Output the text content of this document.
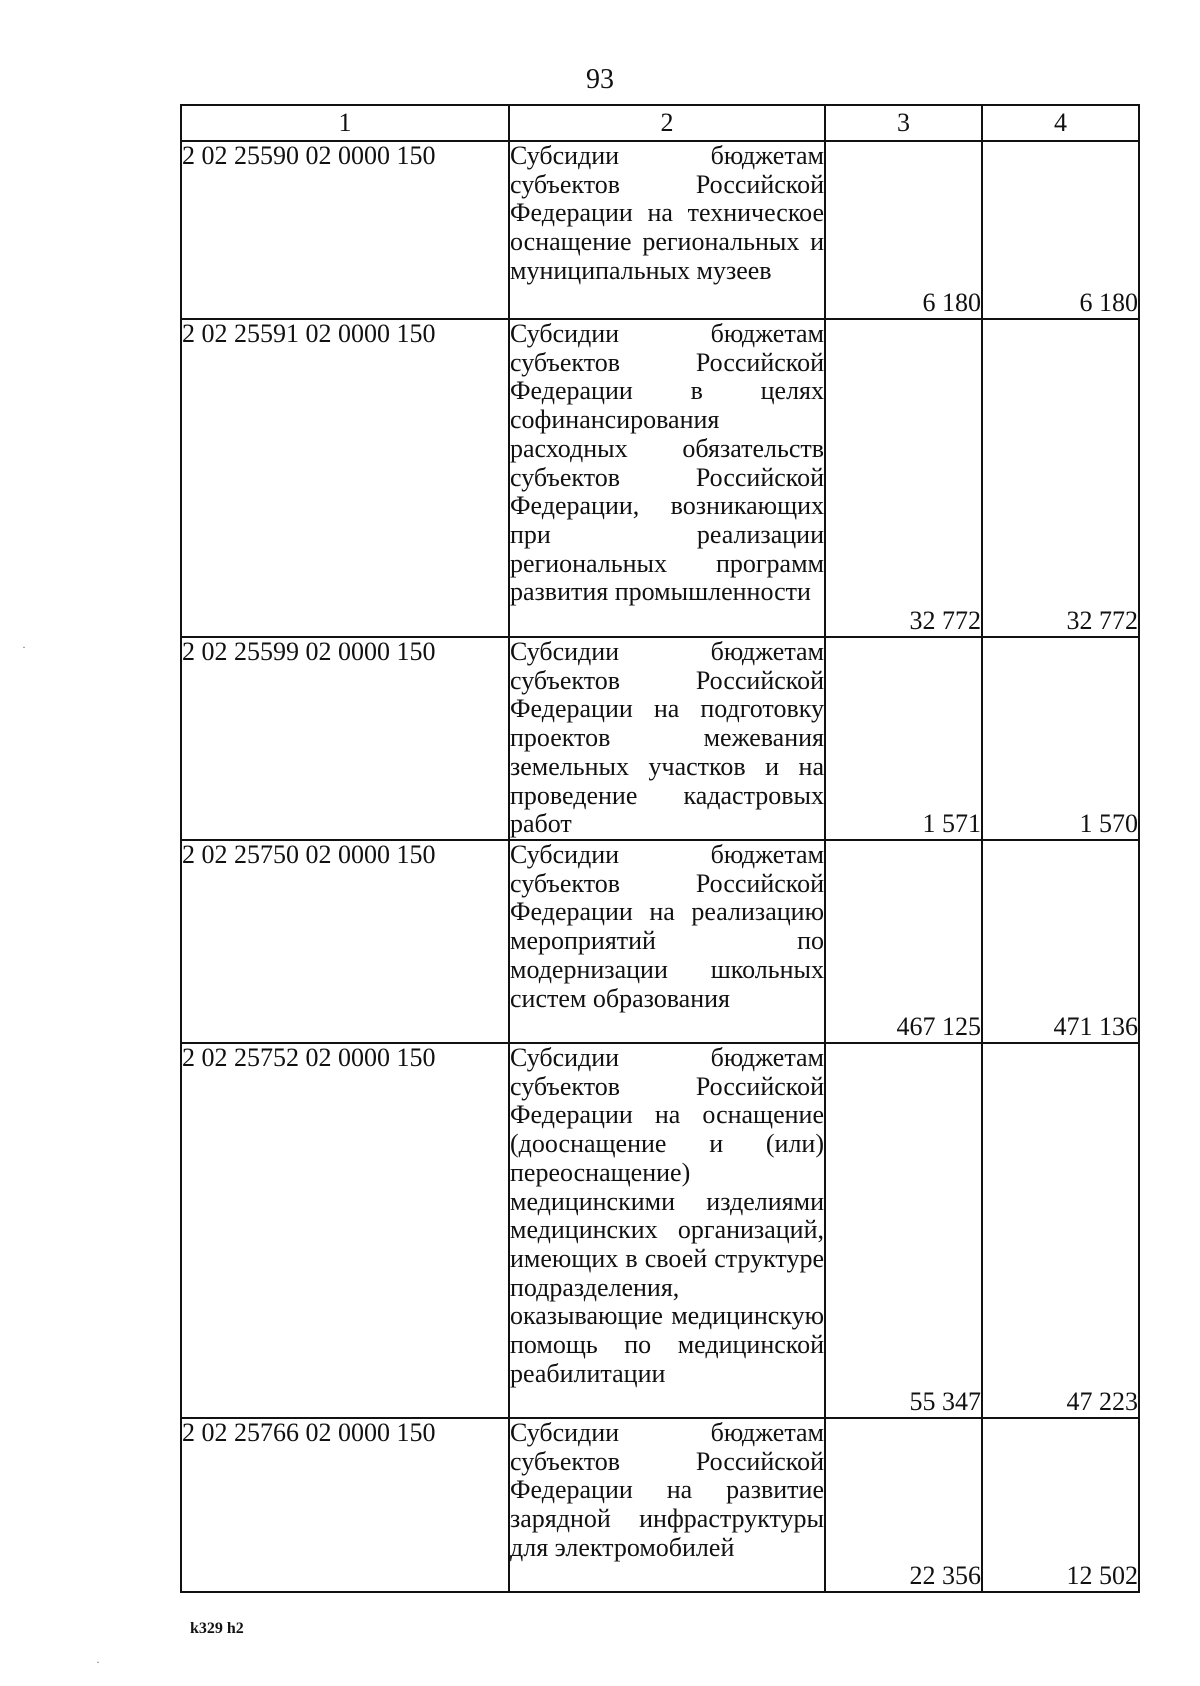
93
1	2	3	4
2 02 25590 02 0000 150	Субсидии бюджетам субъектов Российской Федерации на техническое оснащение региональных и муниципальных музеев	6 180	6 180
2 02 25591 02 0000 150	Субсидии бюджетам субъектов Российской Федерации в целях софинансирования расходных обязательств субъектов Российской Федерации, возникающих при реализации региональных программ развития промышленности	32 772	32 772
2 02 25599 02 0000 150	Субсидии бюджетам субъектов Российской Федерации на подготовку проектов межевания земельных участков и на проведение кадастровых работ	1 571	1 570
2 02 25750 02 0000 150	Субсидии бюджетам субъектов Российской Федерации на реализацию мероприятий по модернизации школьных систем образования	467 125	471 136
2 02 25752 02 0000 150	Субсидии бюджетам субъектов Российской Федерации на оснащение (дооснащение и (или) переоснащение) медицинскими изделиями медицинских организаций, имеющих в своей структуре подразделения, оказывающие медицинскую помощь по медицинской реабилитации	55 347	47 223
2 02 25766 02 0000 150	Субсидии бюджетам субъектов Российской Федерации на развитие зарядной инфраструктуры для электромобилей	22 356	12 502
k329 h2
·
·
